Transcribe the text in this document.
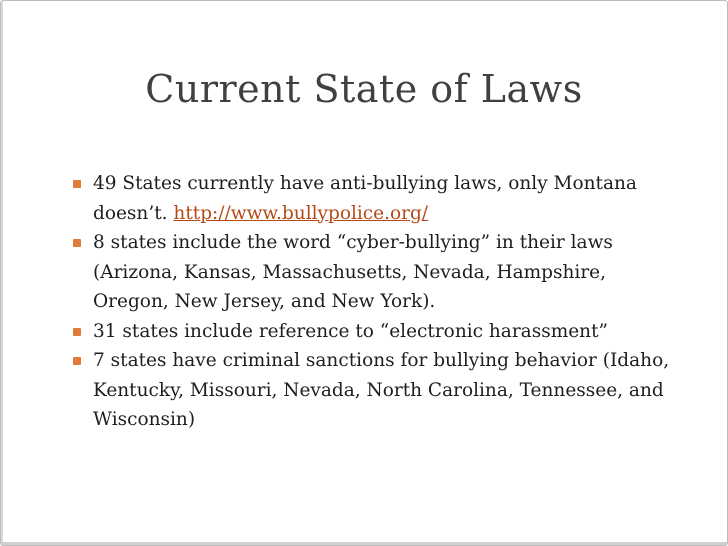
Current State of Laws
49 States currently have anti-bullying laws, only Montana doesn’t. http://www.bullypolice.org/
8 states include the word “cyber-bullying” in their laws (Arizona, Kansas, Massachusetts, Nevada, Hampshire, Oregon, New Jersey, and New York).
31 states include reference to “electronic harassment”
7 states have criminal sanctions for bullying behavior (Idaho, Kentucky, Missouri, Nevada, North Carolina, Tennessee, and Wisconsin)
